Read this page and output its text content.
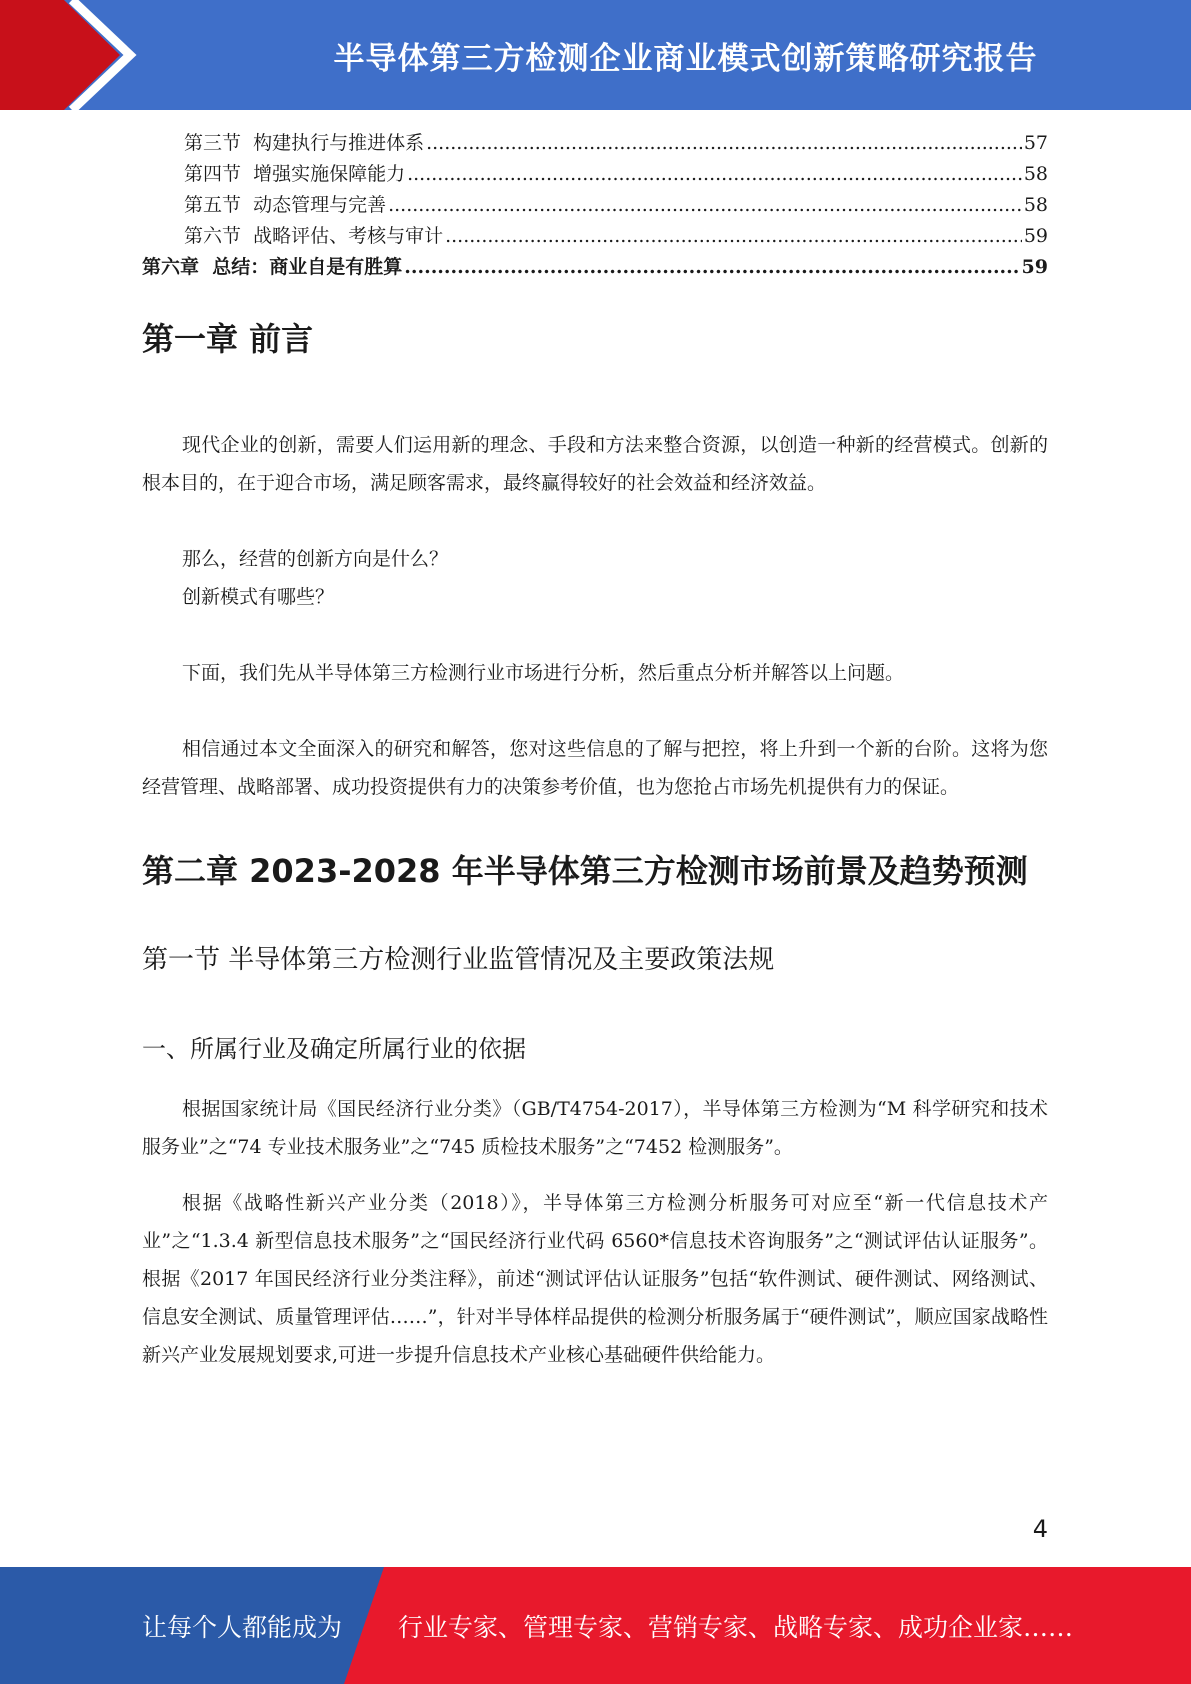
半导体第三方检测企业商业模式创新策略研究报告
第三节  构建执行与推进体系 .....	57
第四节  增强实施保障能力 .....	58
第五节  动态管理与完善 .....	58
第六节  战略评估、考核与审计 .....	59
第六章  总结：商业自是有胜算 .....	59
第一章 前言

现代企业的创新，需要人们运用新的理念、手段和方法来整合资源，以创造一种新的经营模式。创新的根本目的，在于迎合市场，满足顾客需求，最终赢得较好的社会效益和经济效益。

那么，经营的创新方向是什么？

创新模式有哪些？

下面，我们先从半导体第三方检测行业市场进行分析，然后重点分析并解答以上问题。

相信通过本文全面深入的研究和解答，您对这些信息的了解与把控，将上升到一个新的台阶。这将为您经营管理、战略部署、成功投资提供有力的决策参考价值，也为您抢占市场先机提供有力的保证。

第二章 2023-2028 年半导体第三方检测市场前景及趋势预测
第一节 半导体第三方检测行业监管情况及主要政策法规
一、所属行业及确定所属行业的依据

根据国家统计局《国民经济行业分类》（GB/T4754-2017），半导体第三方检测为“M 科学研究和技术服务业”之“74 专业技术服务业”之“745 质检技术服务”之“7452 检测服务”。

根据《战略性新兴产业分类（2018）》，半导体第三方检测分析服务可对应至“新一代信息技术产业”之“1.3.4 新型信息技术服务”之“国民经济行业代码 6560*信息技术咨询服务”之“测试评估认证服务”。根据《2017 年国民经济行业分类注释》，前述“测试评估认证服务”包括“软件测试、硬件测试、网络测试、信息安全测试、质量管理评估……”，针对半导体样品提供的检测分析服务属于“硬件测试”，顺应国家战略性新兴产业发展规划要求,可进一步提升信息技术产业核心基础硬件供给能力。

4
让每个人都能成为 行业专家、管理专家、营销专家、战略专家、成功企业家……
